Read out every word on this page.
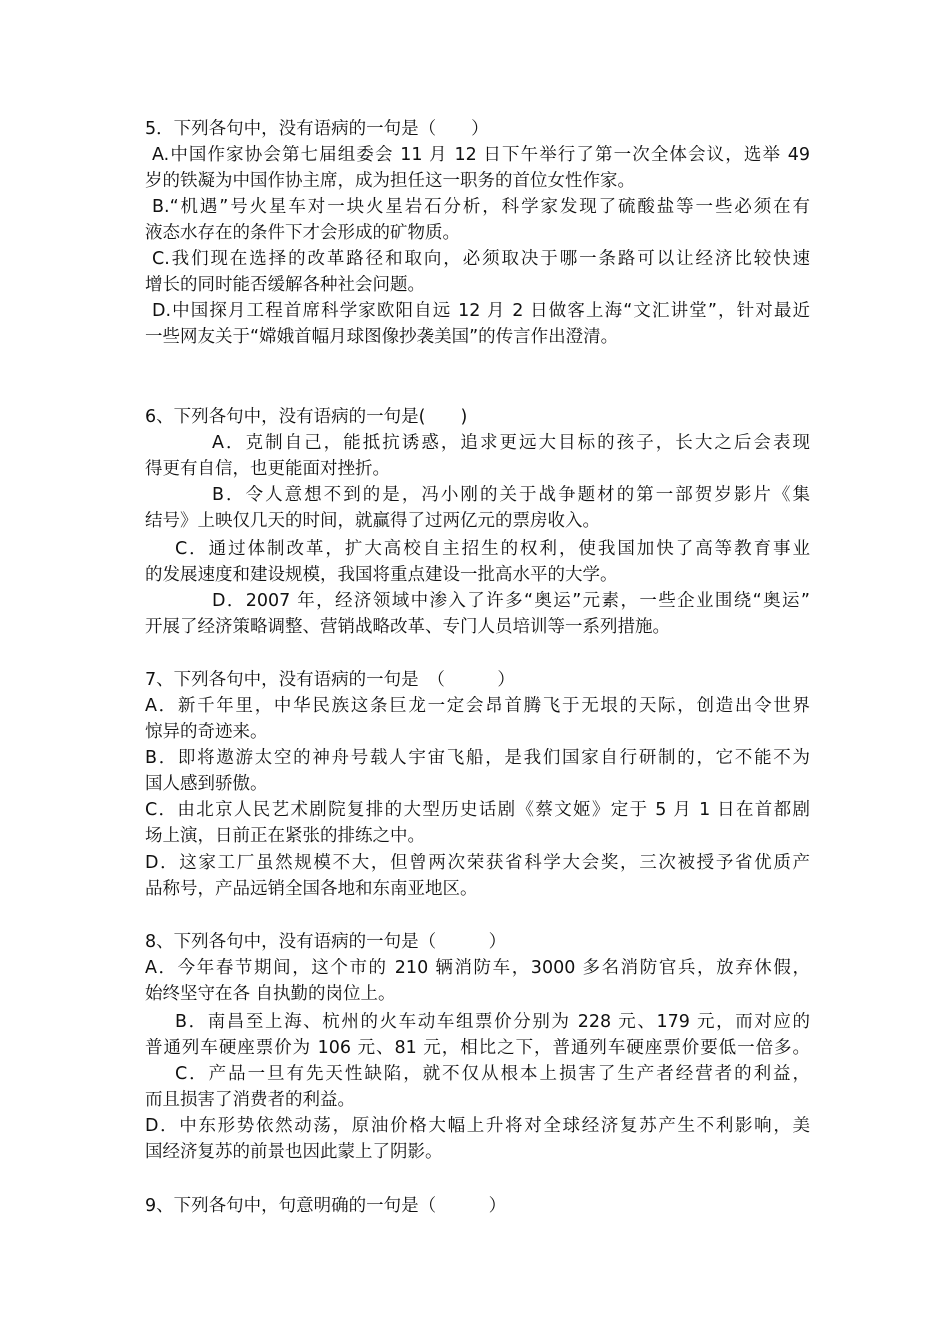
5．下列各句中，没有语病的一句是（　　）
A.中国作家协会第七届组委会 11 月 12 日下午举行了第一次全体会议，选举 49
岁的铁凝为中国作协主席，成为担任这一职务的首位女性作家。
B.“机遇”号火星车对一块火星岩石分析，科学家发现了硫酸盐等一些必须在有
液态水存在的条件下才会形成的矿物质。
C.我们现在选择的改革路径和取向，必须取决于哪一条路可以让经济比较快速
增长的同时能否缓解各种社会问题。
D.中国探月工程首席科学家欧阳自远 12 月 2 日做客上海“文汇讲堂”，针对最近
一些网友关于“嫦娥首幅月球图像抄袭美国”的传言作出澄清。
6、下列各句中，没有语病的一句是(　　)
A．克制自己，能抵抗诱惑，追求更远大目标的孩子，长大之后会表现
得更有自信，也更能面对挫折。
B．令人意想不到的是，冯小刚的关于战争题材的第一部贺岁影片《集
结号》上映仅几天的时间，就赢得了过两亿元的票房收入。
C．通过体制改革，扩大高校自主招生的权利，使我国加快了高等教育事业
的发展速度和建设规模，我国将重点建设一批高水平的大学。
D．2007 年，经济领域中渗入了许多“奥运”元素，一些企业围绕“奥运”
开展了经济策略调整、营销战略改革、专门人员培训等一系列措施。
7、下列各句中，没有语病的一句是　（　　　）
A．新千年里，中华民族这条巨龙一定会昂首腾飞于无垠的天际，创造出令世界
惊异的奇迹来。
B．即将遨游太空的神舟号载人宇宙飞船，是我们国家自行研制的，它不能不为
国人感到骄傲。
C．由北京人民艺术剧院复排的大型历史话剧《蔡文姬》定于 5 月 1 日在首都剧
场上演，日前正在紧张的排练之中。
D．这家工厂虽然规模不大，但曾两次荣获省科学大会奖，三次被授予省优质产
品称号，产品远销全国各地和东南亚地区。
8、下列各句中，没有语病的一句是（　　　）
A．今年春节期间，这个市的 210 辆消防车，3000 多名消防官兵，放弃休假，
始终坚守在各 自执勤的岗位上。
B．南昌至上海、杭州的火车动车组票价分别为 228 元、179 元，而对应的
普通列车硬座票价为 106 元、81 元，相比之下，普通列车硬座票价要低一倍多。
C．产品一旦有先天性缺陷，就不仅从根本上损害了生产者经营者的利益，
而且损害了消费者的利益。
D．中东形势依然动荡，原油价格大幅上升将对全球经济复苏产生不利影响，美
国经济复苏的前景也因此蒙上了阴影。
9、下列各句中，句意明确的一句是（　　　）
